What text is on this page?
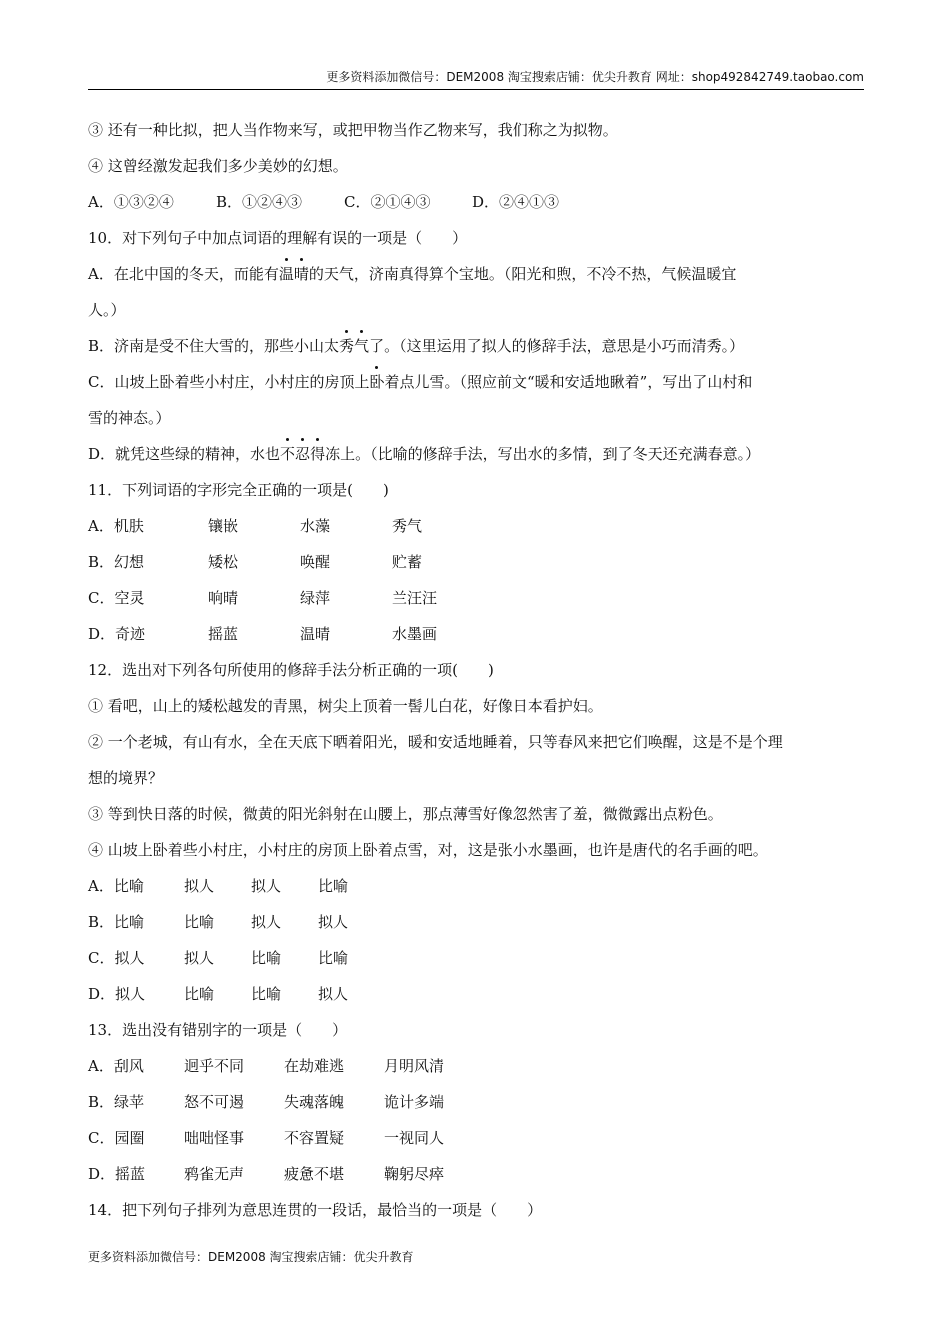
更多资料添加微信号：DEM2008 淘宝搜索店铺：优尖升教育 网址：shop492842749.taobao.com
③ 还有一种比拟，把人当作物来写，或把甲物当作乙物来写，我们称之为拟物。
④ 这曾经激发起我们多少美妙的幻想。
A．①③②④	B．①②④③	C．②①④③	D．②④①③
10．对下列句子中加点词语的理解有误的一项是（　　）
A．在北中国的冬天，而能有温晴的天气，济南真得算个宝地。（阳光和煦，不冷不热，气候温暖宜
人。）
B．济南是受不住大雪的，那些小山太秀气了。（这里运用了拟人的修辞手法，意思是小巧而清秀。）
C．山坡上卧着些小村庄，小村庄的房顶上卧着点儿雪。（照应前文“暖和安适地瞅着”，写出了山村和
雪的神态。）
D．就凭这些绿的精神，水也不忍得冻上。（比喻的修辞手法，写出水的多情，到了冬天还充满春意。）
11．下列词语的字形完全正确的一项是(　　)
A．机肤	镶嵌	水藻	秀气
B．幻想	矮松	唤醒	贮蓄
C．空灵	响晴	绿萍	兰汪汪
D．奇迹	摇蓝	温晴	水墨画
12．选出对下列各句所使用的修辞手法分析正确的一项(　　)
① 看吧，山上的矮松越发的青黑，树尖上顶着一髻儿白花，好像日本看护妇。
② 一个老城，有山有水，全在天底下晒着阳光，暖和安适地睡着，只等春风来把它们唤醒，这是不是个理
想的境界？
③ 等到快日落的时候，微黄的阳光斜射在山腰上，那点薄雪好像忽然害了羞，微微露出点粉色。
④ 山坡上卧着些小村庄，小村庄的房顶上卧着点雪，对，这是张小水墨画，也许是唐代的名手画的吧。
A．比喻	拟人 拟人 比喻
B．比喻	比喻 拟人 拟人
C．拟人	拟人 比喻 比喻
D．拟人	比喻 比喻 拟人
13．选出没有错别字的一项是（　　）
A．刮风	迥乎不同	在劫难逃	月明风清
B．绿苹	怒不可遏	失魂落魄	诡计多端
C．园圈	咄咄怪事	不容置疑	一视同人
D．摇蓝	鸦雀无声	疲惫不堪	鞠躬尽瘁
14．把下列句子排列为意思连贯的一段话，最恰当的一项是（　　）
更多资料添加微信号：DEM2008 淘宝搜索店铺：优尖升教育
